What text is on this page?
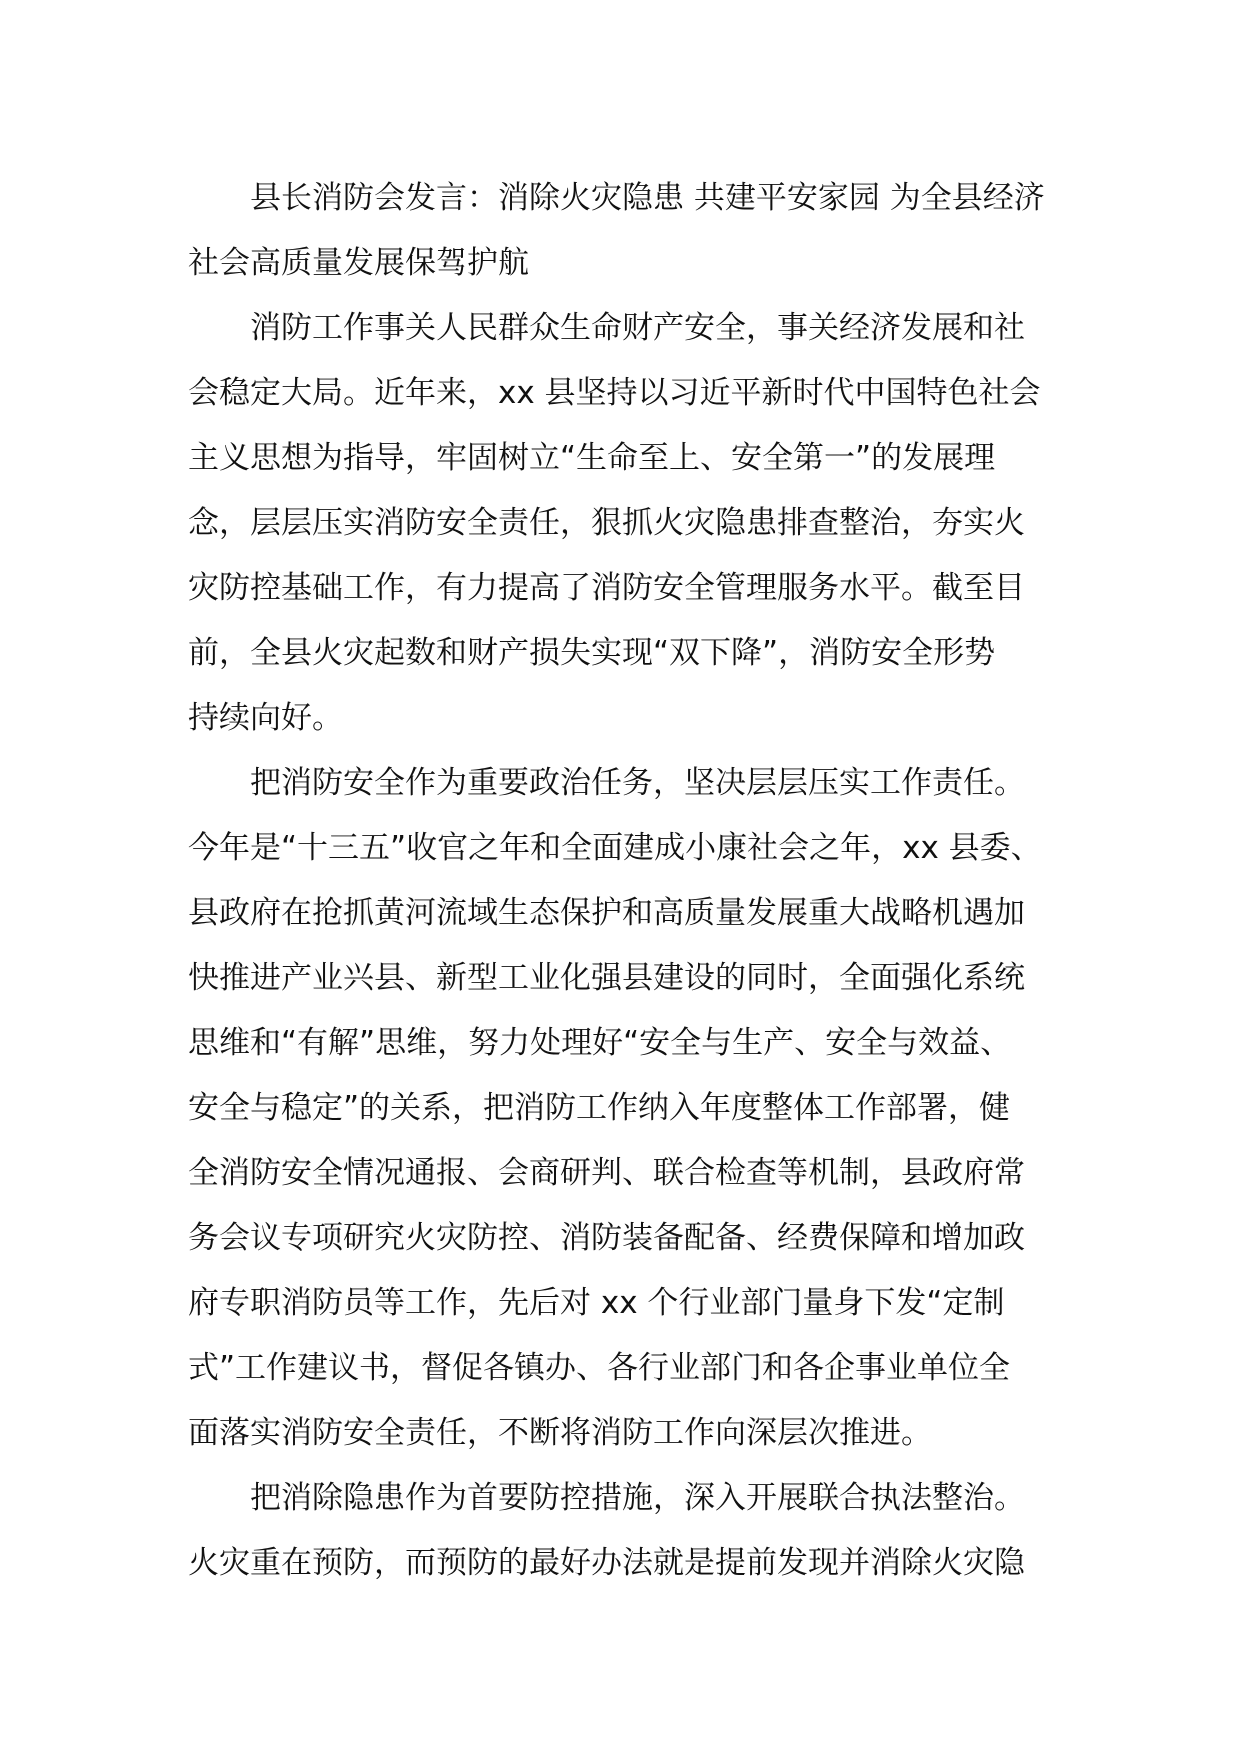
县长消防会发言：消除火灾隐患 共建平安家园 为全县经济
社会高质量发展保驾护航
消防工作事关人民群众生命财产安全，事关经济发展和社
会稳定大局。近年来，xx 县坚持以习近平新时代中国特色社会
主义思想为指导，牢固树立“生命至上、安全第一”的发展理
念，层层压实消防安全责任，狠抓火灾隐患排查整治，夯实火
灾防控基础工作，有力提高了消防安全管理服务水平。截至目
前，全县火灾起数和财产损失实现“双下降”，消防安全形势
持续向好。
把消防安全作为重要政治任务，坚决层层压实工作责任。
今年是“十三五”收官之年和全面建成小康社会之年，xx 县委、
县政府在抢抓黄河流域生态保护和高质量发展重大战略机遇加
快推进产业兴县、新型工业化强县建设的同时，全面强化系统
思维和“有解”思维，努力处理好“安全与生产、安全与效益、
安全与稳定”的关系，把消防工作纳入年度整体工作部署，健
全消防安全情况通报、会商研判、联合检查等机制，县政府常
务会议专项研究火灾防控、消防装备配备、经费保障和增加政
府专职消防员等工作，先后对 xx 个行业部门量身下发“定制
式”工作建议书，督促各镇办、各行业部门和各企事业单位全
面落实消防安全责任，不断将消防工作向深层次推进。
把消除隐患作为首要防控措施，深入开展联合执法整治。
火灾重在预防，而预防的最好办法就是提前发现并消除火灾隐
